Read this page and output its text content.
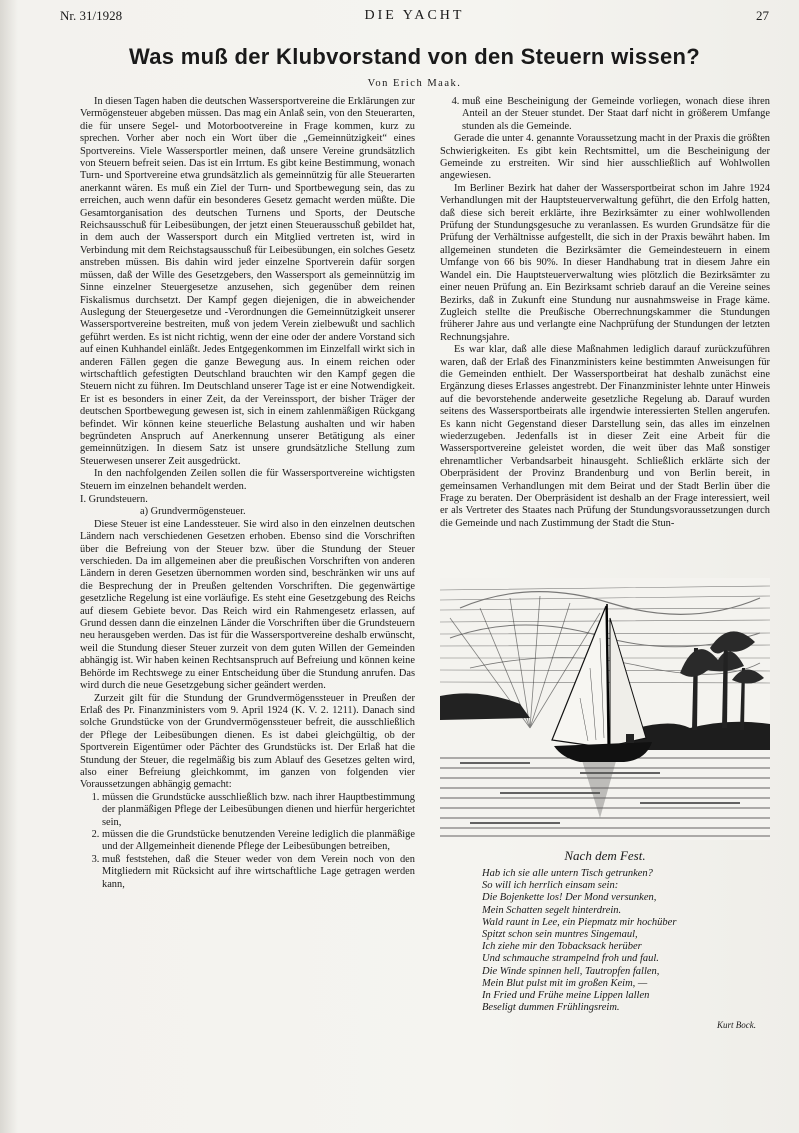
Nr. 31/1928	DIE YACHT	27
Was muß der Klubvorstand von den Steuern wissen?
Von Erich Maak.

In diesen Tagen haben die deutschen Wassersportvereine die Erklärungen zur Vermögensteuer abgeben müssen. Das mag ein Anlaß sein, von den Steuerarten, die für unsere Segel- und Motorbootvereine in Frage kommen, kurz zu sprechen. Vorher aber noch ein Wort über die „Gemeinnützigkeit“ eines Sportvereins. Viele Wassersportler meinen, daß unsere Vereine grundsätzlich von Steuern befreit seien. Das ist ein Irrtum. Es gibt keine Bestimmung, wonach Turn- und Sportvereine etwa grundsätzlich als gemeinnützig für alle Steuerarten anerkannt wären. Es muß ein Ziel der Turn- und Sportbewegung sein, das zu erreichen, auch wenn dafür ein besonderes Gesetz gemacht werden müßte. Die Gesamtorganisation des deutschen Turnens und Sports, der Deutsche Reichsausschuß für Leibesübungen, der jetzt einen Steuerausschuß gebildet hat, in dem auch der Wassersport durch ein Mitglied vertreten ist, wird in Verbindung mit dem Reichstagsausschuß für Leibesübungen, ein solches Gesetz anstreben müssen. Bis dahin wird jeder einzelne Sportverein dafür sorgen müssen, daß der Wille des Gesetzgebers, den Wassersport als gemeinnützig im Sinne einzelner Steuergesetze anzusehen, sich gegenüber dem reinen Fiskalismus durchsetzt. Der Kampf gegen diejenigen, die in abweichender Auslegung der Steuergesetze und -Verordnungen die Gemeinnützigkeit unserer Wassersportvereine bestreiten, muß von jedem Verein zielbewußt und sachlich geführt werden. Es ist nicht richtig, wenn der eine oder der andere Vorstand sich auf einen Kuhhandel einläßt. Jedes Entgegenkommen im Einzelfall wirkt sich in anderen Fällen gegen die ganze Bewegung aus. In einem reichen oder wirtschaftlich gefestigten Deutschland brauchten wir den Kampf gegen die Steuern nicht zu führen. Im Deutschland unserer Tage ist er eine Notwendigkeit. Er ist es besonders in einer Zeit, da der Vereinssport, der bisher Träger der deutschen Sportbewegung gewesen ist, sich in einem zahlenmäßigen Rückgang befindet. Wir können keine steuerliche Belastung aushalten und wir haben begründeten Anspruch auf Anerkennung unserer Betätigung als einer gemeinnützigen. In diesem Satz ist unsere grundsätzliche Stellung zum Steuerwesen unserer Zeit ausgedrückt.

In den nachfolgenden Zeilen sollen die für Wassersportvereine wichtigsten Steuern im einzelnen behandelt werden.

I. Grundsteuern.

a) Grundvermögensteuer.

Diese Steuer ist eine Landessteuer. Sie wird also in den einzelnen deutschen Ländern nach verschiedenen Gesetzen erhoben. Ebenso sind die Vorschriften über die Befreiung von der Steuer bzw. über die Stundung der Steuer verschieden. Da im allgemeinen aber die preußischen Vorschriften von anderen Ländern in deren Gesetzen übernommen worden sind, beschränken wir uns auf die Besprechung der in Preußen geltenden Vorschriften. Die gegenwärtige gesetzliche Regelung ist eine vorläufige. Es steht eine Gesetzgebung des Reichs auf diesem Gebiete bevor. Das Reich wird ein Rahmengesetz erlassen, auf Grund dessen dann die einzelnen Länder die Vorschriften über die Grundsteuern neu herausgeben werden. Das ist für die Wassersportvereine deshalb erwünscht, weil die Stundung dieser Steuer zurzeit von dem guten Willen der Gemeinden abhängig ist. Wir haben keinen Rechtsanspruch auf Befreiung und können keine Behörde im Rechtswege zu einer Entscheidung über die Stundung anrufen. Das wird durch die neue Gesetzgebung sicher geändert werden.

Zurzeit gilt für die Stundung der Grundvermögenssteuer in Preußen der Erlaß des Pr. Finanzministers vom 9. April 1924 (K. V. 2. 1211). Danach sind solche Grundstücke von der Grundvermögenssteuer befreit, die ausschließlich der Pflege der Leibesübungen dienen. Es ist dabei gleichgültig, ob der Sportverein Eigentümer oder Pächter des Grundstücks ist. Der Erlaß hat die Stundung der Steuer, die regelmäßig bis zum Ablauf des Gesetzes gelten wird, also einer Befreiung gleichkommt, im ganzen von folgenden vier Voraussetzungen abhängig gemacht:

1. müssen die Grundstücke ausschließlich bzw. nach ihrer Hauptbestimmung der planmäßigen Pflege der Leibesübungen dienen und hierfür hergerichtet sein,
2. müssen die die Grundstücke benutzenden Vereine lediglich die planmäßige und der Allgemeinheit dienende Pflege der Leibesübungen betreiben,
3. muß feststehen, daß die Steuer weder von dem Verein noch von den Mitgliedern mit Rücksicht auf ihre wirtschaftliche Lage getragen werden kann,
4. muß eine Bescheinigung der Gemeinde vorliegen, wonach diese ihren Anteil an der Steuer stundet. Der Staat darf nicht in größerem Umfange stunden als die Gemeinde.

Gerade die unter 4. genannte Voraussetzung macht in der Praxis die größten Schwierigkeiten. Es gibt kein Rechtsmittel, um die Bescheinigung der Gemeinde zu erstreiten. Wir sind hier ausschließlich auf Wohlwollen angewiesen.

Im Berliner Bezirk hat daher der Wassersportbeirat schon im Jahre 1924 Verhandlungen mit der Hauptsteuerverwaltung geführt, die den Erfolg hatten, daß diese sich bereit erklärte, ihre Bezirksämter zu einer wohlwollenden Prüfung der Stundungsgesuche zu veranlassen. Es wurden Grundsätze für die Prüfung der Verhältnisse aufgestellt, die sich in der Praxis bewährt haben. Im allgemeinen stundeten die Bezirksämter die Gemeindesteuern in einem Umfange von 66 bis 90%. In dieser Handhabung trat in diesem Jahre ein Wandel ein. Die Hauptsteuerverwaltung wies plötzlich die Bezirksämter zu einer neuen Prüfung an. Ein Bezirksamt schrieb darauf an die Vereine seines Bezirks, daß in Zukunft eine Stundung nur ausnahmsweise in Frage käme. Zugleich stellte die Preußische Oberrechnungskammer die Stundungen früherer Jahre aus und verlangte eine Nachprüfung der Stundungen der letzten Rechnungsjahre.

Es war klar, daß alle diese Maßnahmen lediglich darauf zurückzuführen waren, daß der Erlaß des Finanzministers keine bestimmten Anweisungen für die Gemeinden enthielt. Der Wassersportbeirat hat deshalb zunächst eine Ergänzung dieses Erlasses angestrebt. Der Finanzminister lehnte unter Hinweis auf die bevorstehende anderweite gesetzliche Regelung ab. Darauf wurden seitens des Wassersportbeirats alle irgendwie interessierten Stellen angerufen. Es kann nicht Gegenstand dieser Darstellung sein, das alles im einzelnen wiederzugeben. Jedenfalls ist in dieser Zeit eine Arbeit für die Wassersportvereine geleistet worden, die weit über das Maß sonstiger ehrenamtlicher Verbandsarbeit hinausgeht. Schließlich erklärte sich der Oberpräsident der Provinz Brandenburg und von Berlin bereit, in gemeinsamen Verhandlungen mit dem Beirat und der Stadt Berlin über die Frage zu beraten. Der Oberpräsident ist deshalb an der Frage interessiert, weil er als Vertreter des Staates nach Prüfung der Stundungsvoraussetzungen durch die Gemeinde und nach Zustimmung der Stadt die Stun-

Nach dem Fest.
Hab ich sie alle untern Tisch getrunken?
So will ich herrlich einsam sein:
Die Bojenkette los! Der Mond versunken,
Mein Schatten segelt hinterdrein.
Wald raunt in Lee, ein Piepmatz mir hochüber
Spitzt schon sein muntres Singemaul,
Ich ziehe mir den Tobacksack herüber
Und schmauche strampelnd froh und faul.
Die Winde spinnen hell, Tautropfen fallen,
Mein Blut pulst mit im großen Keim, —
In Fried und Frühe meine Lippen lallen
Beseligt dummen Frühlingsreim.
Kurt Bock.
